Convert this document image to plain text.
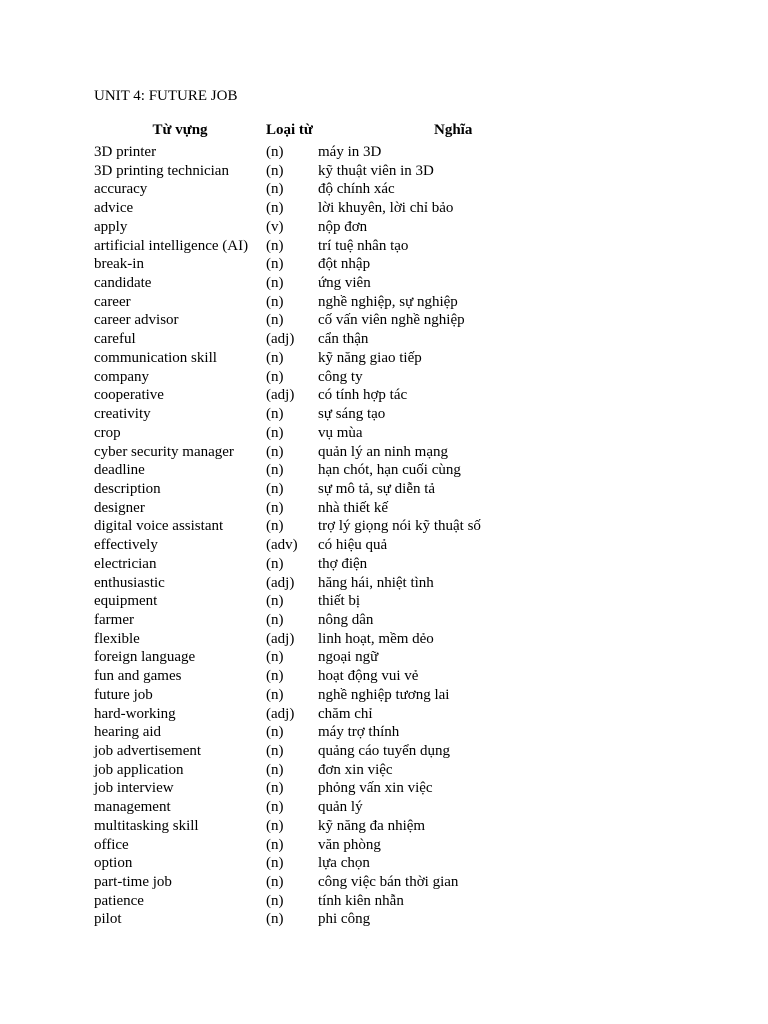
UNIT 4: FUTURE JOB
Từ vựng	Loại từ	Nghĩa
3D printer	(n)	máy in 3D
3D printing technician	(n)	kỹ thuật viên in 3D
accuracy	(n)	độ chính xác
advice	(n)	lời khuyên, lời chỉ bảo
apply	(v)	nộp đơn
artificial intelligence (AI)	(n)	trí tuệ nhân tạo
break-in	(n)	đột nhập
candidate	(n)	ứng viên
career	(n)	nghề nghiệp, sự nghiệp
career advisor	(n)	cố vấn viên nghề nghiệp
careful	(adj)	cẩn thận
communication skill	(n)	kỹ năng giao tiếp
company	(n)	công ty
cooperative	(adj)	có tính hợp tác
creativity	(n)	sự sáng tạo
crop	(n)	vụ mùa
cyber security manager	(n)	quản lý an ninh mạng
deadline	(n)	hạn chót, hạn cuối cùng
description	(n)	sự mô tả, sự diễn tả
designer	(n)	nhà thiết kế
digital voice assistant	(n)	trợ lý giọng nói kỹ thuật số
effectively	(adv)	có hiệu quả
electrician	(n)	thợ điện
enthusiastic	(adj)	hăng hái, nhiệt tình
equipment	(n)	thiết bị
farmer	(n)	nông dân
flexible	(adj)	linh hoạt, mềm dẻo
foreign language	(n)	ngoại ngữ
fun and games	(n)	hoạt động vui vẻ
future job	(n)	nghề nghiệp tương lai
hard-working	(adj)	chăm chỉ
hearing aid	(n)	máy trợ thính
job advertisement	(n)	quảng cáo tuyển dụng
job application	(n)	đơn xin việc
job interview	(n)	phỏng vấn xin việc
management	(n)	quản lý
multitasking skill	(n)	kỹ năng đa nhiệm
office	(n)	văn phòng
option	(n)	lựa chọn
part-time job	(n)	công việc bán thời gian
patience	(n)	tính kiên nhẫn
pilot	(n)	phi công
